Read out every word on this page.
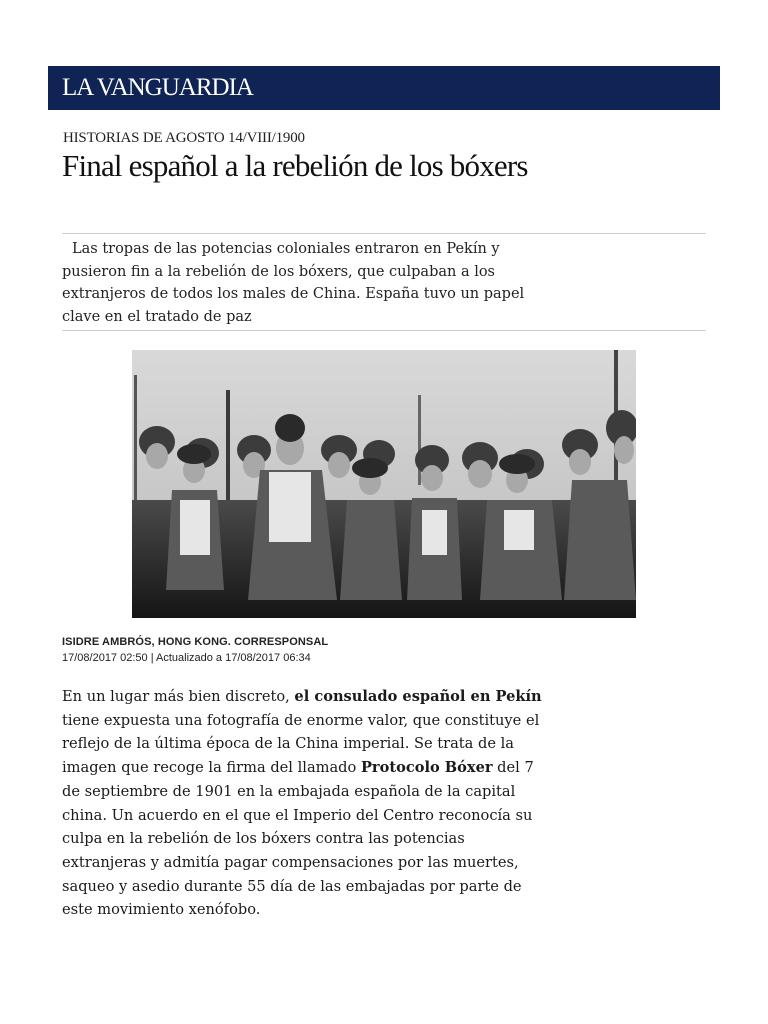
LA VANGUARDIA
HISTORIAS DE AGOSTO 14/VIII/1900
Final español a la rebelión de los bóxers

Las tropas de las potencias coloniales entraron en Pekín y pusieron fin a la rebelión de los bóxers, que culpaban a los extranjeros de todos los males de China. España tuvo un papel clave en el tratado de paz

ISIDRE AMBRÓS, HONG KONG. CORRESPONSAL
17/08/2017 02:50 | Actualizado a 17/08/2017 06:34

En un lugar más bien discreto, el consulado español en Pekín tiene expuesta una fotografía de enorme valor, que constituye el reflejo de la última época de la China imperial. Se trata de la imagen que recoge la firma del llamado Protocolo Bóxer del 7 de septiembre de 1901 en la embajada española de la capital china. Un acuerdo en el que el Imperio del Centro reconocía su culpa en la rebelión de los bóxers contra las potencias extranjeras y admitía pagar compensaciones por las muertes, saqueo y asedio durante 55 día de las embajadas por parte de este movimiento xenófobo.
